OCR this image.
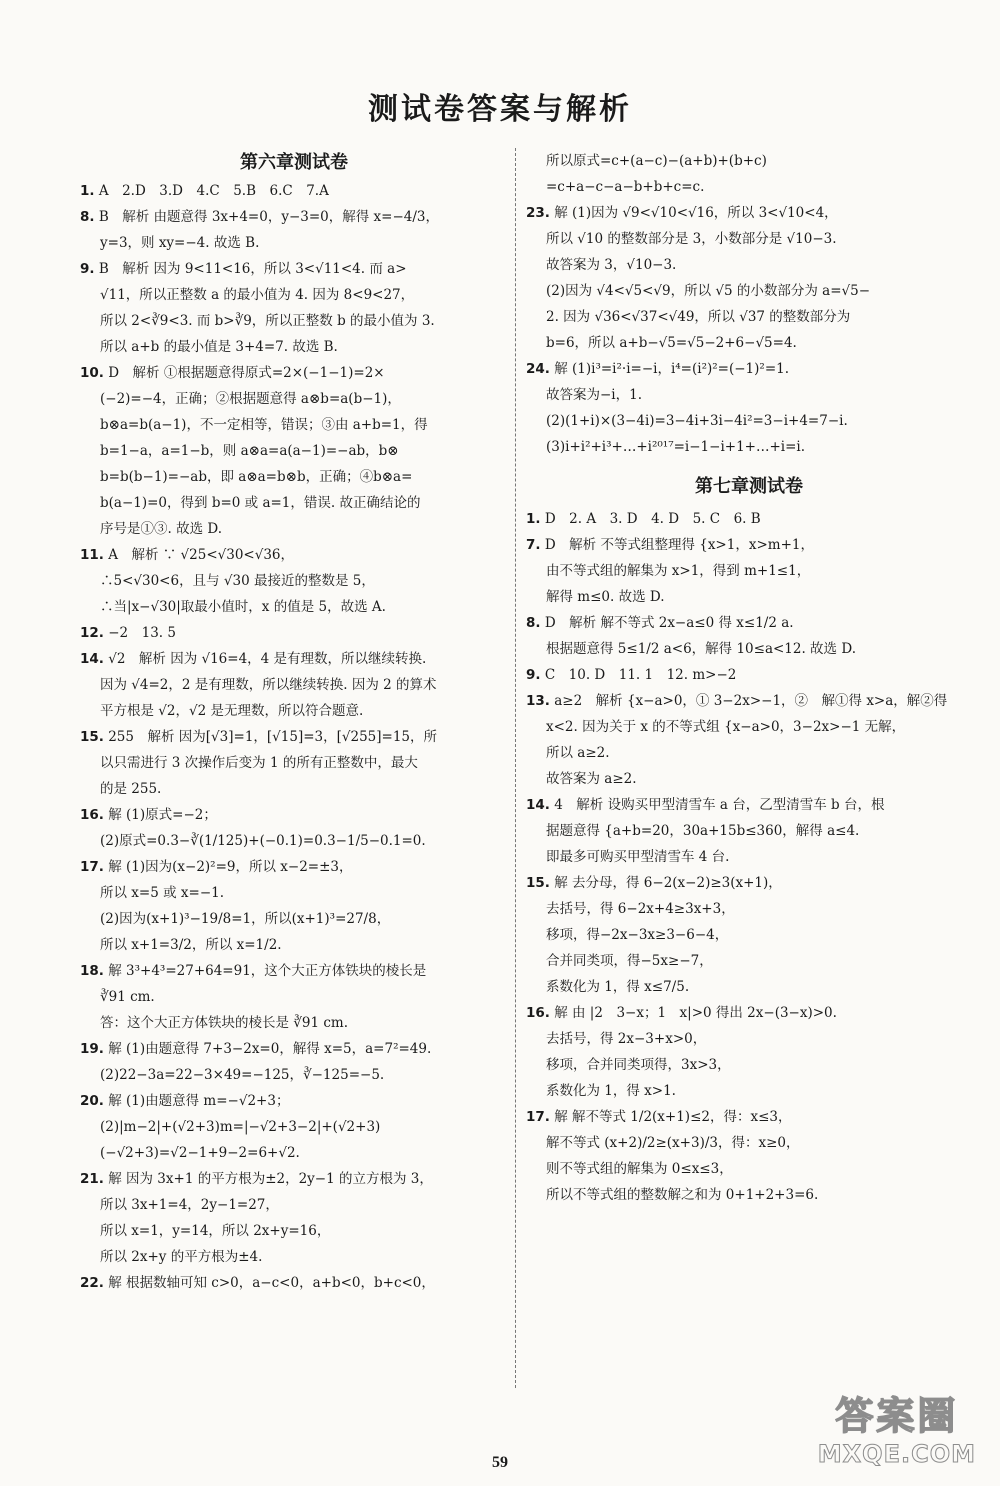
测试卷答案与解析
第六章测试卷
1. A　2.D　3.D　4.C　5.B　6.C　7.A
8. B　解析 由题意得 3x+4=0，y−3=0，解得 x=−4/3，
y=3，则 xy=−4. 故选 B.
9. B　解析 因为 9<11<16，所以 3<√11<4. 而 a>
√11，所以正整数 a 的最小值为 4. 因为 8<9<27，
所以 2<∛9<3. 而 b>∛9，所以正整数 b 的最小值为 3.
所以 a+b 的最小值是 3+4=7. 故选 B.
10. D　解析 ①根据题意得原式=2×(−1−1)=2×
(−2)=−4，正确；②根据题意得 a⊗b=a(b−1)，
b⊗a=b(a−1)，不一定相等，错误；③由 a+b=1，得
b=1−a，a=1−b，则 a⊗a=a(a−1)=−ab，b⊗
b=b(b−1)=−ab，即 a⊗a=b⊗b，正确；④b⊗a=
b(a−1)=0，得到 b=0 或 a=1，错误. 故正确结论的
序号是①③. 故选 D.
11. A　解析 ∵ √25<√30<√36，
∴5<√30<6，且与 √30 最接近的整数是 5，
∴当|x−√30|取最小值时，x 的值是 5，故选 A.
12. −2　13. 5
14. √2　解析 因为 √16=4，4 是有理数，所以继续转换.
因为 √4=2，2 是有理数，所以继续转换. 因为 2 的算术
平方根是 √2，√2 是无理数，所以符合题意.
15. 255　解析 因为[√3]=1，[√15]=3，[√255]=15，所
以只需进行 3 次操作后变为 1 的所有正整数中，最大
的是 255.
16. 解 (1)原式=−2；
(2)原式=0.3−∛(1/125)+(−0.1)=0.3−1/5−0.1=0.
17. 解 (1)因为(x−2)²=9，所以 x−2=±3，
所以 x=5 或 x=−1.
(2)因为(x+1)³−19/8=1，所以(x+1)³=27/8，
所以 x+1=3/2，所以 x=1/2.
18. 解 3³+4³=27+64=91，这个大正方体铁块的棱长是
∛91 cm.
答：这个大正方体铁块的棱长是 ∛91 cm.
19. 解 (1)由题意得 7+3−2x=0，解得 x=5，a=7²=49.
(2)22−3a=22−3×49=−125，∛−125=−5.
20. 解 (1)由题意得 m=−√2+3；
(2)|m−2|+(√2+3)m=|−√2+3−2|+(√2+3)
(−√2+3)=√2−1+9−2=6+√2.
21. 解 因为 3x+1 的平方根为±2，2y−1 的立方根为 3，
所以 3x+1=4，2y−1=27，
所以 x=1，y=14，所以 2x+y=16，
所以 2x+y 的平方根为±4.
22. 解 根据数轴可知 c>0，a−c<0，a+b<0，b+c<0，
所以原式=c+(a−c)−(a+b)+(b+c)
=c+a−c−a−b+b+c=c.
23. 解 (1)因为 √9<√10<√16，所以 3<√10<4，
所以 √10 的整数部分是 3，小数部分是 √10−3.
故答案为 3，√10−3.
(2)因为 √4<√5<√9，所以 √5 的小数部分为 a=√5−
2. 因为 √36<√37<√49，所以 √37 的整数部分为
b=6，所以 a+b−√5=√5−2+6−√5=4.
24. 解 (1)i³=i²·i=−i，i⁴=(i²)²=(−1)²=1.
故答案为−i，1.
(2)(1+i)×(3−4i)=3−4i+3i−4i²=3−i+4=7−i.
(3)i+i²+i³+…+i²⁰¹⁷=i−1−i+1+…+i=i.
第七章测试卷
1. D　2. A　3. D　4. D　5. C　6. B
7. D　解析 不等式组整理得 {x>1，x>m+1，
由不等式组的解集为 x>1，得到 m+1≤1，
解得 m≤0. 故选 D.
8. D　解析 解不等式 2x−a≤0 得 x≤1/2 a.
根据题意得 5≤1/2 a<6，解得 10≤a<12. 故选 D.
9. C　10. D　11. 1　12. m>−2
13. a≥2　解析 {x−a>0，① 3−2x>−1，②　解①得 x>a，解②得
x<2. 因为关于 x 的不等式组 {x−a>0，3−2x>−1 无解，
所以 a≥2.
故答案为 a≥2.
14. 4　解析 设购买甲型清雪车 a 台，乙型清雪车 b 台，根
据题意得 {a+b=20，30a+15b≤360，解得 a≤4.
即最多可购买甲型清雪车 4 台.
15. 解 去分母，得 6−2(x−2)≥3(x+1)，
去括号，得 6−2x+4≥3x+3，
移项，得−2x−3x≥3−6−4，
合并同类项，得−5x≥−7，
系数化为 1，得 x≤7/5.
16. 解 由 |2　3−x；1　x|>0 得出 2x−(3−x)>0.
去括号，得 2x−3+x>0，
移项，合并同类项得，3x>3，
系数化为 1，得 x>1.
17. 解 解不等式 1/2(x+1)≤2，得：x≤3，
解不等式 (x+2)/2≥(x+3)/3，得：x≥0，
则不等式组的解集为 0≤x≤3，
所以不等式组的整数解之和为 0+1+2+3=6.
59
答案圈
MXQE.COM
